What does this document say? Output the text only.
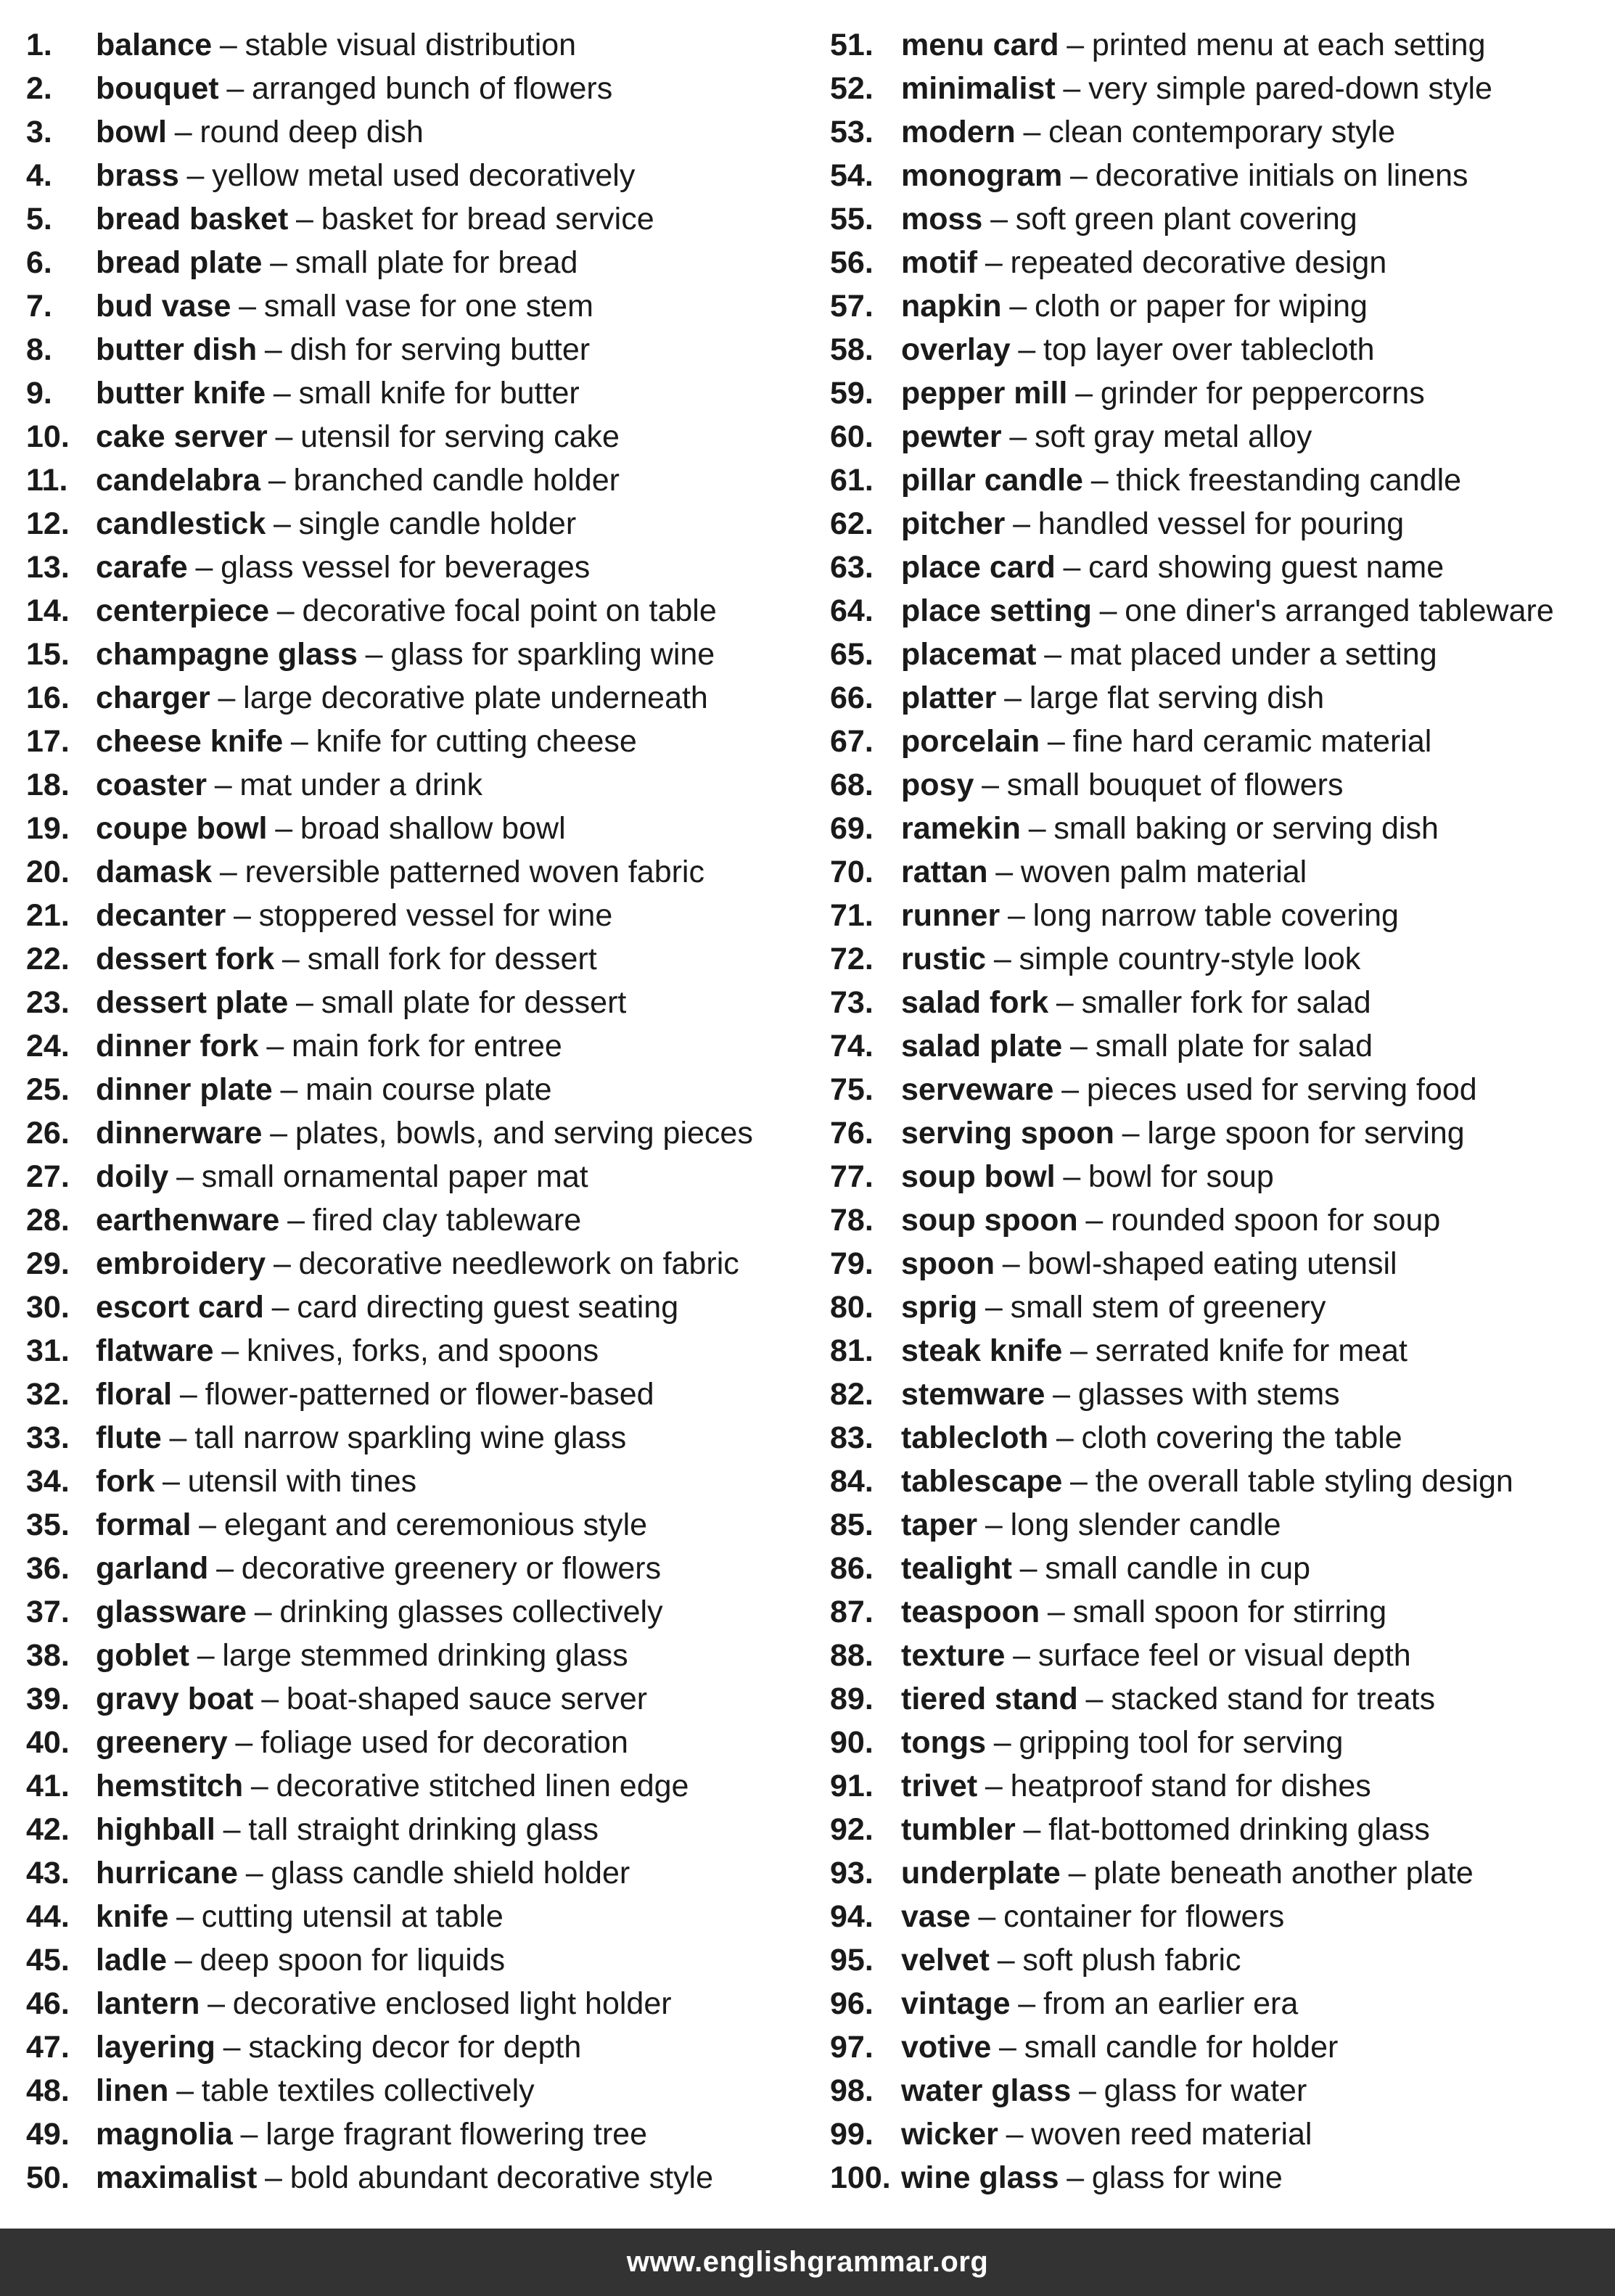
1.	balance – stable visual distribution
2.	bouquet – arranged bunch of flowers
3.	bowl – round deep dish
4.	brass – yellow metal used decoratively
5.	bread basket – basket for bread service
6.	bread plate – small plate for bread
7.	bud vase – small vase for one stem
8.	butter dish – dish for serving butter
9.	butter knife – small knife for butter
10. cake server – utensil for serving cake
11. candelabra – branched candle holder
12. candlestick – single candle holder
13. carafe – glass vessel for beverages
14. centerpiece – decorative focal point on table
15. champagne glass – glass for sparkling wine
16. charger – large decorative plate underneath
17. cheese knife – knife for cutting cheese
18. coaster – mat under a drink
19. coupe bowl – broad shallow bowl
20. damask – reversible patterned woven fabric
21. decanter – stoppered vessel for wine
22. dessert fork – small fork for dessert
23. dessert plate – small plate for dessert
24. dinner fork – main fork for entree
25. dinner plate – main course plate
26. dinnerware – plates, bowls, and serving pieces
27. doily – small ornamental paper mat
28. earthenware – fired clay tableware
29. embroidery – decorative needlework on fabric
30. escort card – card directing guest seating
31. flatware – knives, forks, and spoons
32. floral – flower-patterned or flower-based
33. flute – tall narrow sparkling wine glass
34. fork – utensil with tines
35. formal – elegant and ceremonious style
36. garland – decorative greenery or flowers
37. glassware – drinking glasses collectively
38. goblet – large stemmed drinking glass
39. gravy boat – boat-shaped sauce server
40. greenery – foliage used for decoration
41. hemstitch – decorative stitched linen edge
42. highball – tall straight drinking glass
43. hurricane – glass candle shield holder
44. knife – cutting utensil at table
45. ladle – deep spoon for liquids
46. lantern – decorative enclosed light holder
47. layering – stacking decor for depth
48. linen – table textiles collectively
49. magnolia – large fragrant flowering tree
50. maximalist – bold abundant decorative style
51. menu card – printed menu at each setting
52. minimalist – very simple pared-down style
53. modern – clean contemporary style
54. monogram – decorative initials on linens
55. moss – soft green plant covering
56. motif – repeated decorative design
57. napkin – cloth or paper for wiping
58. overlay – top layer over tablecloth
59. pepper mill – grinder for peppercorns
60. pewter – soft gray metal alloy
61. pillar candle – thick freestanding candle
62. pitcher – handled vessel for pouring
63. place card – card showing guest name
64. place setting – one diner's arranged tableware
65. placemat – mat placed under a setting
66. platter – large flat serving dish
67. porcelain – fine hard ceramic material
68. posy – small bouquet of flowers
69. ramekin – small baking or serving dish
70. rattan – woven palm material
71. runner – long narrow table covering
72. rustic – simple country-style look
73. salad fork – smaller fork for salad
74. salad plate – small plate for salad
75. serveware – pieces used for serving food
76. serving spoon – large spoon for serving
77. soup bowl – bowl for soup
78. soup spoon – rounded spoon for soup
79. spoon – bowl-shaped eating utensil
80. sprig – small stem of greenery
81. steak knife – serrated knife for meat
82. stemware – glasses with stems
83. tablecloth – cloth covering the table
84. tablescape – the overall table styling design
85. taper – long slender candle
86. tealight – small candle in cup
87. teaspoon – small spoon for stirring
88. texture – surface feel or visual depth
89. tiered stand – stacked stand for treats
90. tongs – gripping tool for serving
91. trivet – heatproof stand for dishes
92. tumbler – flat-bottomed drinking glass
93. underplate – plate beneath another plate
94. vase – container for flowers
95. velvet – soft plush fabric
96. vintage – from an earlier era
97. votive – small candle for holder
98. water glass – glass for water
99. wicker – woven reed material
100. wine glass – glass for wine
www.englishgrammar.org
